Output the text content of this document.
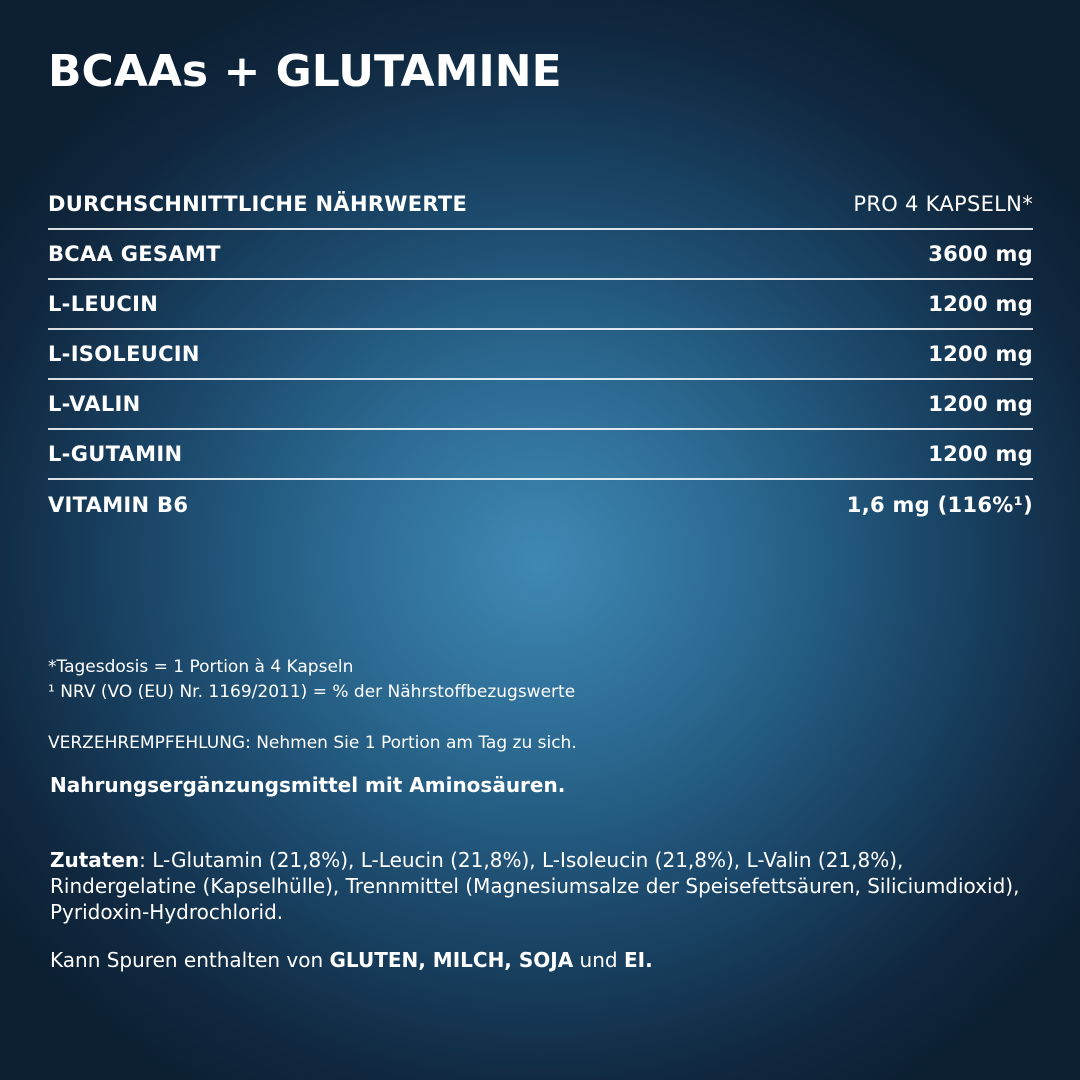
BCAAs + GLUTAMINE
DURCHSCHNITTLICHE NÄHRWERTE	PRO 4 KAPSELN*
BCAA GESAMT	3600 mg
L-LEUCIN	1200 mg
L-ISOLEUCIN	1200 mg
L-VALIN	1200 mg
L-GUTAMIN	1200 mg
VITAMIN B6	1,6 mg (116%¹)
*Tagesdosis = 1 Portion à 4 Kapseln
¹ NRV (VO (EU) Nr. 1169/2011) = % der Nährstoffbezugswerte
VERZEHREMPFEHLUNG: Nehmen Sie 1 Portion am Tag zu sich.
Nahrungsergänzungsmittel mit Aminosäuren.
Zutaten: L-Glutamin (21,8%), L-Leucin (21,8%), L-Isoleucin (21,8%), L-Valin (21,8%), Rindergelatine (Kapselhülle), Trennmittel (Magnesiumsalze der Speisefettsäuren, Siliciumdioxid), Pyridoxin-Hydrochlorid.
Kann Spuren enthalten von GLUTEN, MILCH, SOJA und EI.
